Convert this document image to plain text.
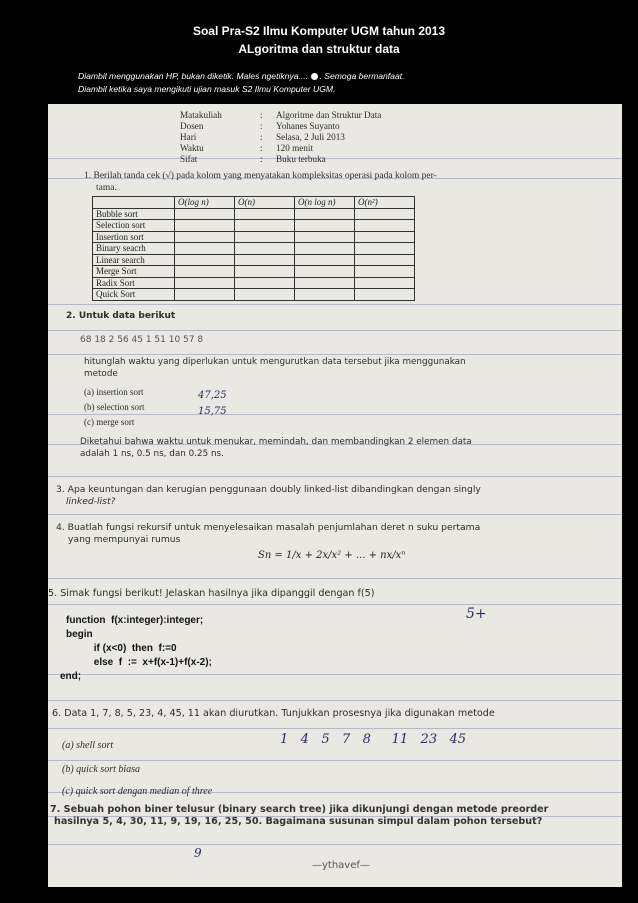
Soal Pra-S2 Ilmu Komputer UGM tahun 2013
ALgoritma dan struktur data
Diambil menggunakan HP, bukan diketik. Males ngetiknya.... . Semoga bermanfaat.
Diambil ketika saya mengikuti ujian masuk S2 Ilmu Komputer UGM.
Matakuliah	:	Algoritme dan Struktur Data
Dosen	:	Yohanes Suyanto
Hari	:	Selasa, 2 Juli 2013
Waktu	:	120 menit
Sifat	:	Buku terbuka
1. Berilah tanda cek (√) pada kolom yang menyatakan kompleksitas operasi pada kolom per-
tama.
	O(log n)	O(n)	O(n log n)	O(n²)
Bubble sort				
Selection sort				
Insertion sort				
Binary seacrh				
Linear search				
Merge Sort				
Radix Sort				
Quick Sort				
2. Untuk data berikut
68 18 2 56 45 1 51 10 57 8
hitunglah waktu yang diperlukan untuk mengurutkan data tersebut jika menggunakan
metode
(a) insertion sort
(b) selection sort
(c) merge sort
Diketahui bahwa waktu untuk menukar, memindah, dan membandingkan 2 elemen data
adalah 1 ns, 0.5 ns, dan 0.25 ns.
47,25
15,75
3. Apa keuntungan dan kerugian penggunaan doubly linked-list dibandingkan dengan singly
linked-list?
4. Buatlah fungsi rekursif untuk menyelesaikan masalah penjumlahan deret n suku pertama
yang mempunyai rumus
Sn = 1/x + 2x/x² + ... + nx/xⁿ
5. Simak fungsi berikut! Jelaskan hasilnya jika dipanggil dengan f(5)
function  f(x:integer):integer;
begin
if (x<0)  then  f:=0
else  f  :=  x+f(x-1)+f(x-2);
end;
5+
6. Data 1, 7, 8, 5, 23, 4, 45, 11 akan diurutkan. Tunjukkan prosesnya jika digunakan metode
(a) shell sort
(b) quick sort biasa
(c) quick sort dengan median of three
1   4   5   7   8     11   23   45
7. Sebuah pohon biner telusur (binary search tree) jika dikunjungi dengan metode preorder
hasilnya 5, 4, 30, 11, 9, 19, 16, 25, 50. Bagaimana susunan simpul dalam pohon tersebut?
9
—ythavef—
